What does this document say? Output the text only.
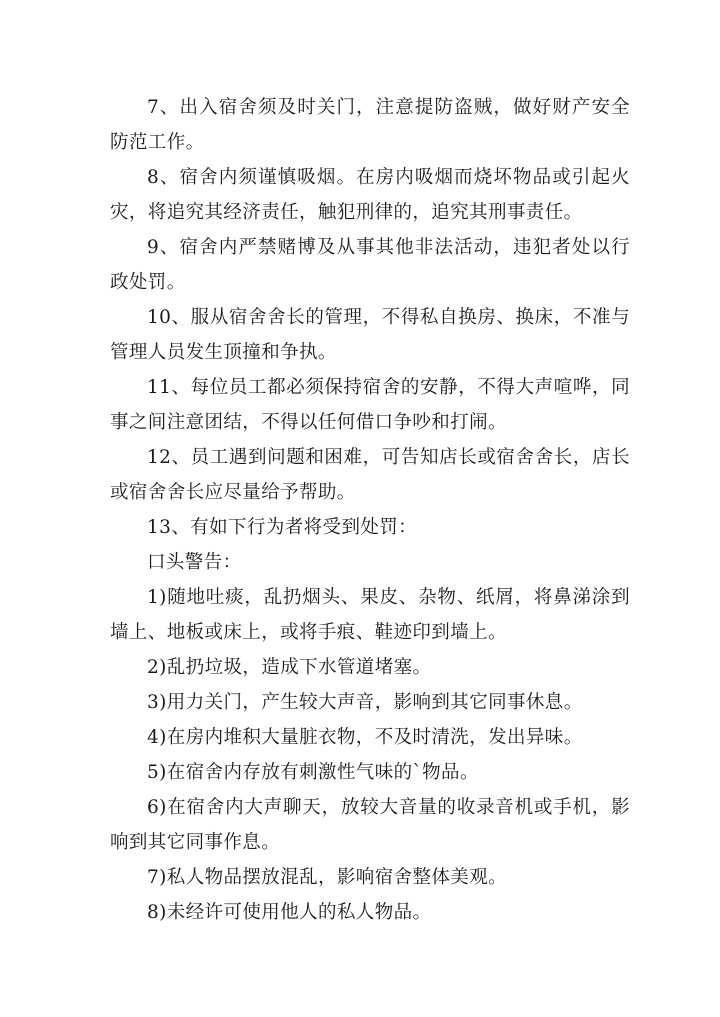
7、出入宿舍须及时关门，注意提防盗贼，做好财产安全防范工作。

8、宿舍内须谨慎吸烟。在房内吸烟而烧坏物品或引起火灾，将追究其经济责任，触犯刑律的，追究其刑事责任。

9、宿舍内严禁赌博及从事其他非法活动，违犯者处以行政处罚。

10、服从宿舍舍长的管理，不得私自换房、换床，不准与管理人员发生顶撞和争执。

11、每位员工都必须保持宿舍的安静，不得大声喧哗，同事之间注意团结，不得以任何借口争吵和打闹。

12、员工遇到问题和困难，可告知店长或宿舍舍长，店长或宿舍舍长应尽量给予帮助。

13、有如下行为者将受到处罚：

口头警告：

1)随地吐痰，乱扔烟头、果皮、杂物、纸屑，将鼻涕涂到墙上、地板或床上，或将手痕、鞋迹印到墙上。

2)乱扔垃圾，造成下水管道堵塞。

3)用力关门，产生较大声音，影响到其它同事休息。

4)在房内堆积大量脏衣物，不及时清洗，发出异味。

5)在宿舍内存放有刺激性气味的`物品。

6)在宿舍内大声聊天，放较大音量的收录音机或手机，影响到其它同事作息。

7)私人物品摆放混乱，影响宿舍整体美观。

8)未经许可使用他人的私人物品。
